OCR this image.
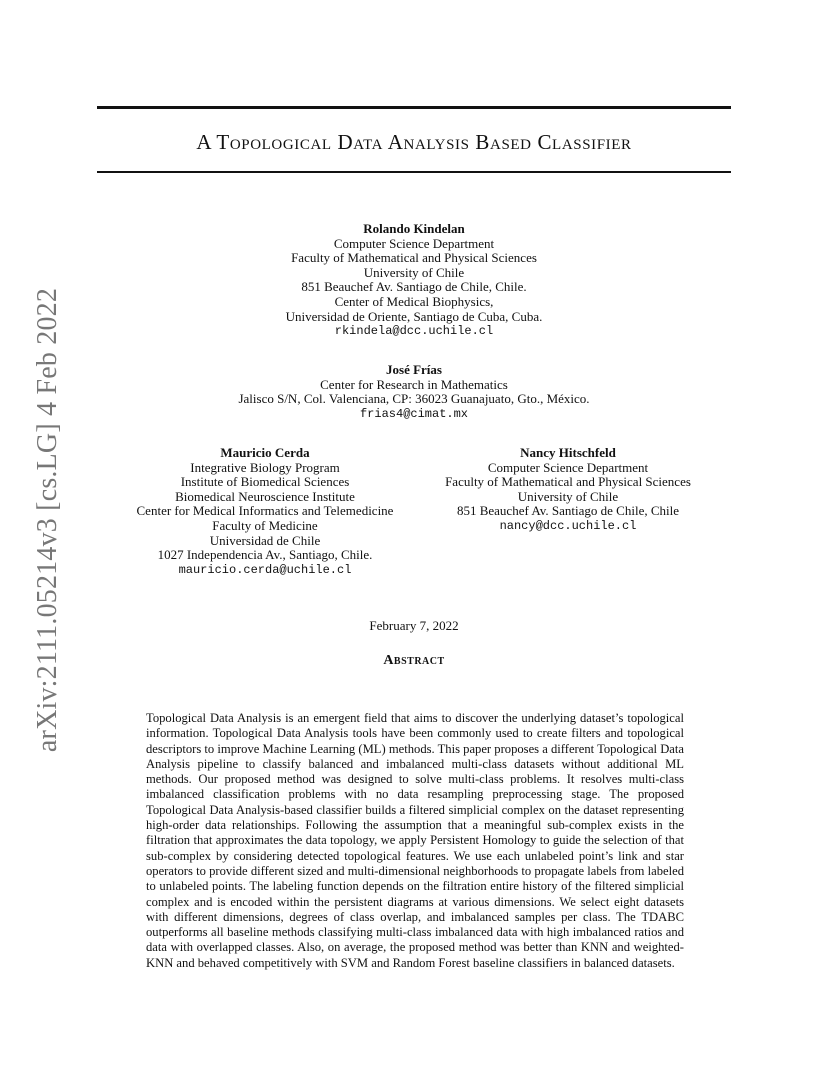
arXiv:2111.05214v3 [cs.LG] 4 Feb 2022
A Topological Data Analysis Based Classifier
Rolando Kindelan
Computer Science Department
Faculty of Mathematical and Physical Sciences
University of Chile
851 Beauchef Av. Santiago de Chile, Chile.
Center of Medical Biophysics,
Universidad de Oriente, Santiago de Cuba, Cuba.
rkindela@dcc.uchile.cl
José Frías
Center for Research in Mathematics
Jalisco S/N, Col. Valenciana, CP: 36023 Guanajuato, Gto., México.
frias4@cimat.mx
Mauricio Cerda
Integrative Biology Program
Institute of Biomedical Sciences
Biomedical Neuroscience Institute
Center for Medical Informatics and Telemedicine
Faculty of Medicine
Universidad de Chile
1027 Independencia Av., Santiago, Chile.
mauricio.cerda@uchile.cl
Nancy Hitschfeld
Computer Science Department
Faculty of Mathematical and Physical Sciences
University of Chile
851 Beauchef Av. Santiago de Chile, Chile
nancy@dcc.uchile.cl
February 7, 2022
Abstract
Topological Data Analysis is an emergent field that aims to discover the underlying dataset’s topological information. Topological Data Analysis tools have been commonly used to create filters and topological descriptors to improve Machine Learning (ML) methods. This paper proposes a different Topological Data Analysis pipeline to classify balanced and imbalanced multi-class datasets without additional ML methods. Our proposed method was designed to solve multi-class problems. It resolves multi-class imbalanced classification problems with no data resampling preprocessing stage. The proposed Topological Data Analysis-based classifier builds a filtered simplicial complex on the dataset representing high-order data relationships. Following the assumption that a meaningful sub-complex exists in the filtration that approximates the data topology, we apply Persistent Homology to guide the selection of that sub-complex by considering detected topological features. We use each unlabeled point’s link and star operators to provide different sized and multi-dimensional neighborhoods to propagate labels from labeled to unlabeled points. The labeling function depends on the filtration entire history of the filtered simplicial complex and is encoded within the persistent diagrams at various dimensions. We select eight datasets with different dimensions, degrees of class overlap, and imbalanced samples per class. The TDABC outperforms all baseline methods classifying multi-class imbalanced data with high imbalanced ratios and data with overlapped classes. Also, on average, the proposed method was better than KNN and weighted-KNN and behaved competitively with SVM and Random Forest baseline classifiers in balanced datasets.
